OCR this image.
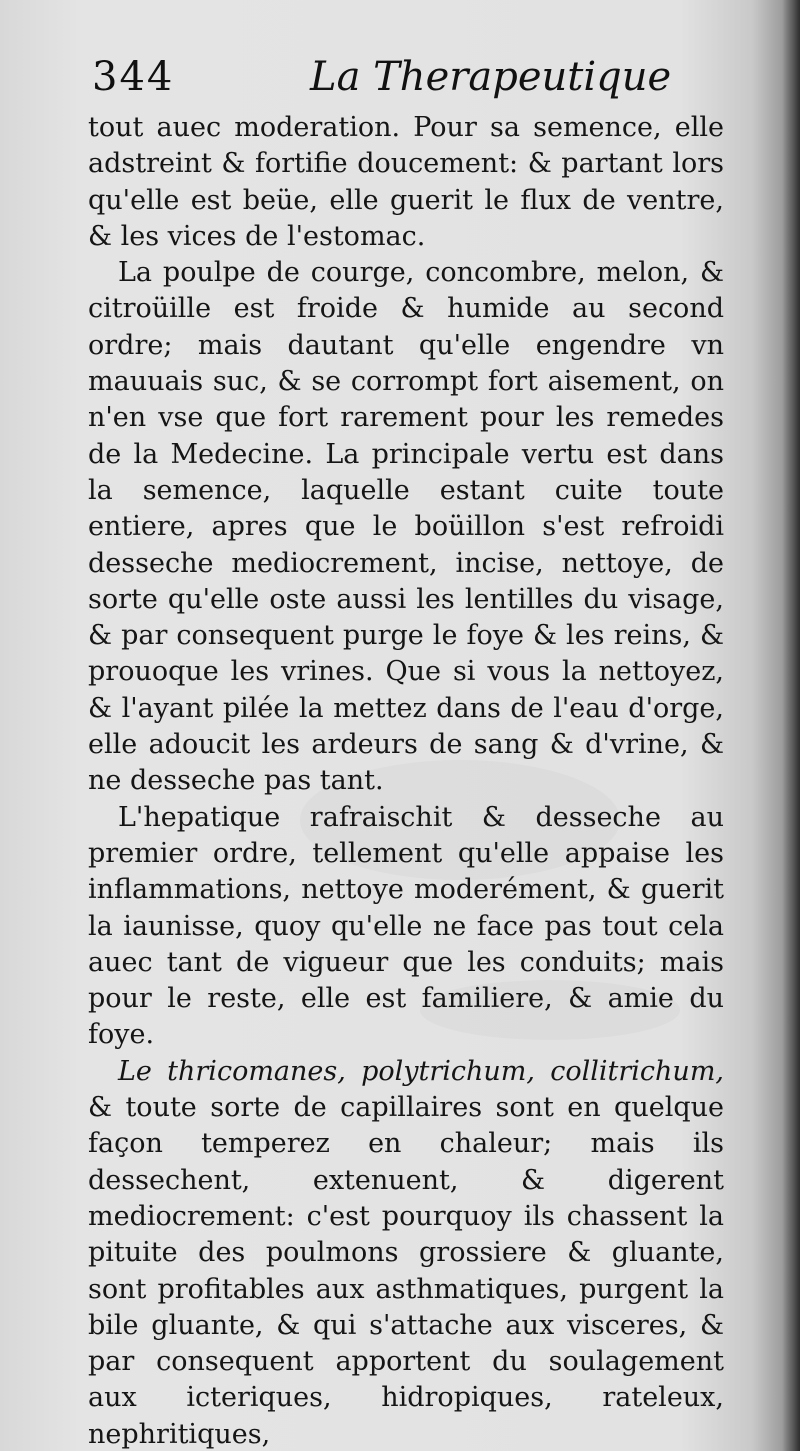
344	La Therapeutique

tout auec moderation. Pour sa semence, elle adstreint & fortifie doucement: & partant lors qu'elle est beüe, elle guerit le flux de ventre, & les vices de l'estomac.

La poulpe de courge, concombre, melon, & citroüille est froide & humide au second ordre; mais dautant qu'elle engendre vn mauuais suc, & se corrompt fort aisement, on n'en vse que fort rarement pour les remedes de la Medecine. La principale vertu est dans la semence, laquelle estant cuite toute entiere, apres que le boüillon s'est refroidi desseche mediocrement, incise, nettoye, de sorte qu'elle oste aussi les lentilles du visage, & par consequent purge le foye & les reins, & prouoque les vrines. Que si vous la nettoyez, & l'ayant pilée la mettez dans de l'eau d'orge, elle adoucit les ardeurs de sang & d'vrine, & ne desseche pas tant.

L'hepatique rafraischit & desseche au premier ordre, tellement qu'elle appaise les inflammations, nettoye moderément, & guerit la iaunisse, quoy qu'elle ne face pas tout cela auec tant de vigueur que les conduits; mais pour le reste, elle est familiere, & amie du foye.

Le thricomanes, polytrichum, collitrichum, & toute sorte de capillaires sont en quelque façon temperez en chaleur; mais ils dessechent, extenuent, & digerent mediocrement: c'est pourquoy ils chassent la pituite des poulmons grossiere & gluante, sont profitables aux asthmatiques, purgent la bile gluante, & qui s'attache aux visceres, & par consequent apportent du soulagement aux icteriques, hidropiques, rateleux, nephritiques,
